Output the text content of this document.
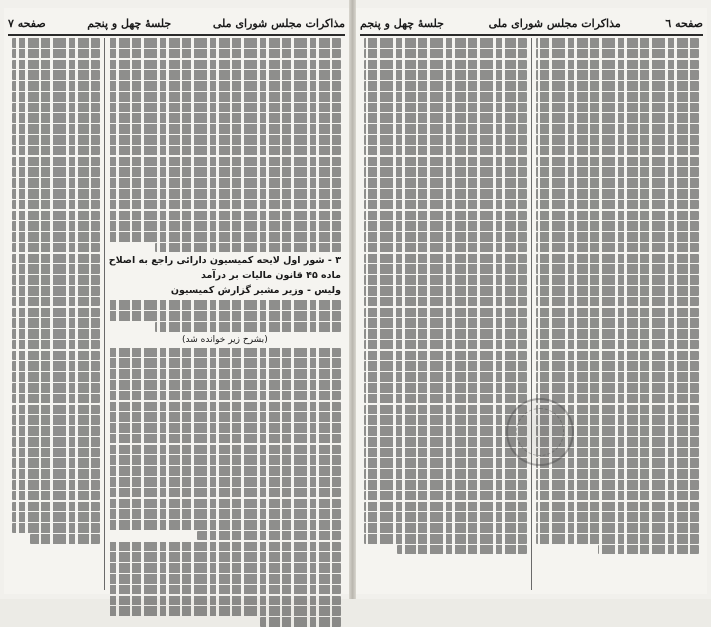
مذاکرات مجلس شورای ملی
جلسهٔ چهل و پنجم
صفحه ٧
۳ - شور اول لایحه کمیسیون دارائی راجع به اصلاح
ماده ۴۵ قانون مالیات بر درآمد
ولیس - وزیر مشیر گزارش کمیسیون
(بشرح زیر خوانده شد)
صفحه ٦
مذاکرات مجلس شورای ملی
جلسهٔ چهل و پنجم
